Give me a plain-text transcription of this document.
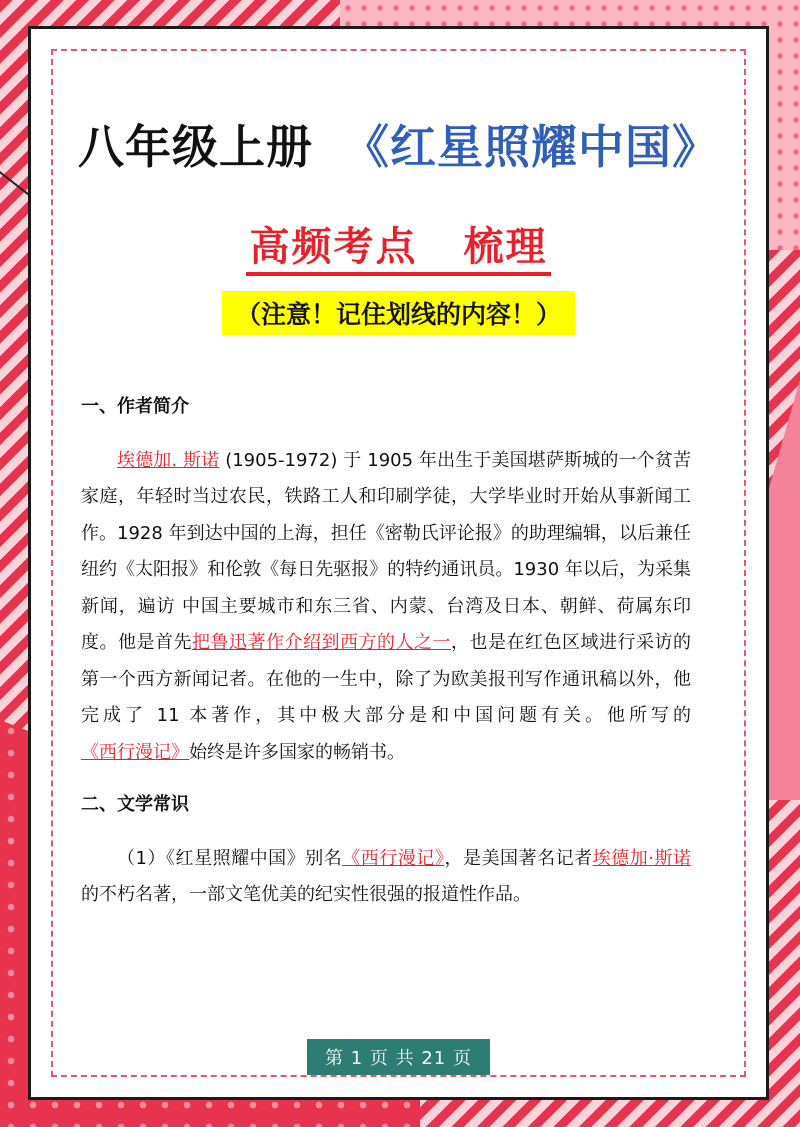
八年级上册 《红星照耀中国》
高频考点 梳理
（注意！记住划线的内容！）

一、作者简介

埃德加. 斯诺 (1905-1972) 于 1905 年出生于美国堪萨斯城的一个贫苦家庭，年轻时当过农民，铁路工人和印刷学徒，大学毕业时开始从事新闻工作。1928 年到达中国的上海，担任《密勒氏评论报》的助理编辑，以后兼任纽约《太阳报》和伦敦《每日先驱报》的特约通讯员。1930 年以后，为采集新闻，遍访 中国主要城市和东三省、内蒙、台湾及日本、朝鲜、荷属东印度。他是首先把鲁迅著作介绍到西方的人之一，也是在红色区域进行采访的第一个西方新闻记者。在他的一生中，除了为欧美报刊写作通讯稿以外，他完成了 11 本著作，其中极大部分是和中国问题有关。他所写的《西行漫记》始终是许多国家的畅销书。

二、文学常识

（1）《红星照耀中国》别名《西行漫记》，是美国著名记者埃德加·斯诺的不朽名著，一部文笔优美的纪实性很强的报道性作品。

第 1 页 共 21 页
